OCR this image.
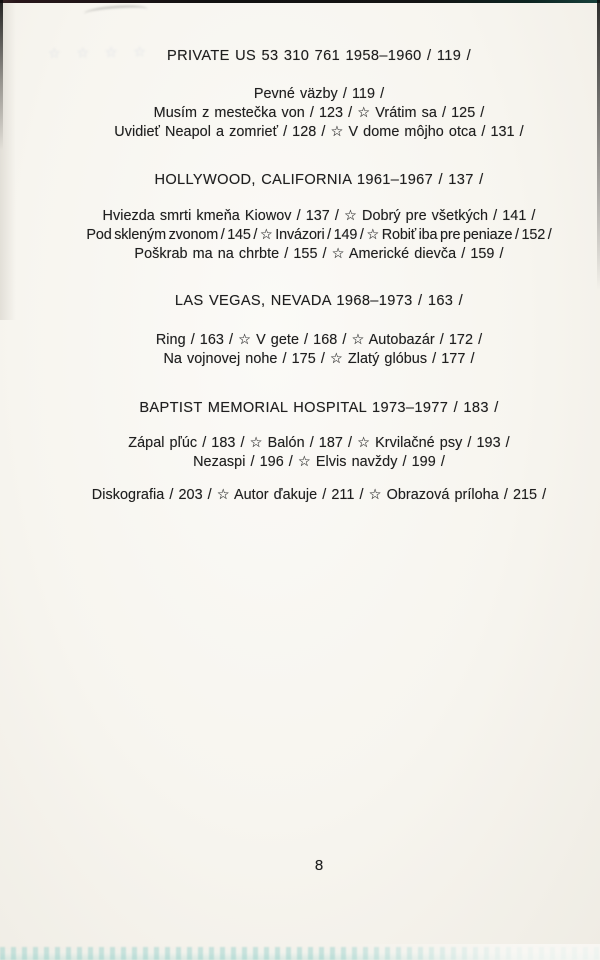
☆ ☆ ☆ ☆	PRIVATE US 53 310 761 1958–1960 / 119 /
Pevné väzby / 119 /
Musím z mestečka von / 123 / ☆ Vrátim sa / 125 /
Uvidieť Neapol a zomrieť / 128 / ☆ V dome môjho otca / 131 /
HOLLYWOOD, CALIFORNIA 1961–1967 / 137 /
Hviezda smrti kmeňa Kiowov / 137 / ☆ Dobrý pre všetkých / 141 /
Pod skleným zvonom / 145 / ☆ Invázori / 149 / ☆ Robiť iba pre peniaze / 152 /
Poškrab ma na chrbte / 155 / ☆ Americké dievča / 159 /
LAS VEGAS, NEVADA 1968–1973 / 163 /
Ring / 163 / ☆ V gete / 168 / ☆ Autobazár / 172 /
Na vojnovej nohe / 175 / ☆ Zlatý glóbus / 177 /
BAPTIST MEMORIAL HOSPITAL 1973–1977 / 183 /
Zápal pľúc / 183 / ☆ Balón / 187 / ☆ Krvilačné psy / 193 /
Nezaspi / 196 / ☆ Elvis navždy / 199 /
Diskografia / 203 / ☆ Autor ďakuje / 211 / ☆ Obrazová príloha / 215 /
8
